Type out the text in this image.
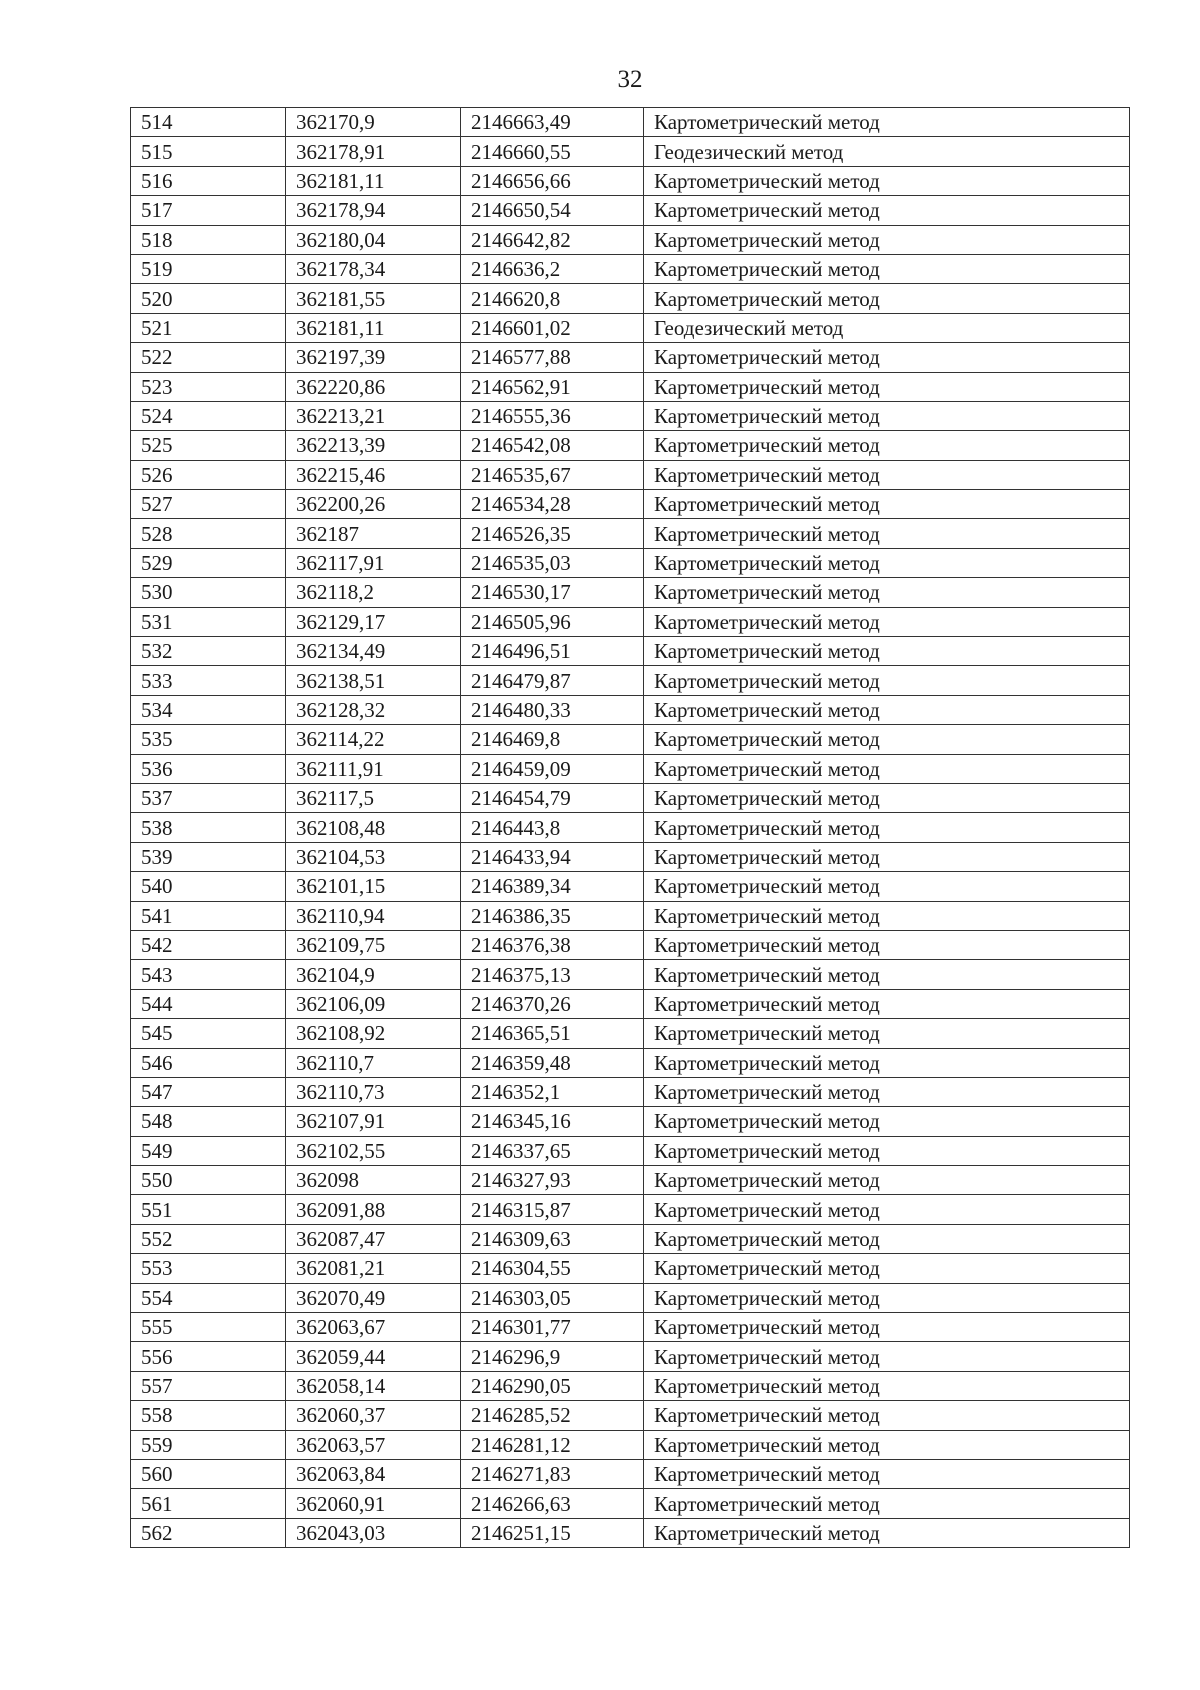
32
514	362170,9	2146663,49	Картометрический метод
515	362178,91	2146660,55	Геодезический метод
516	362181,11	2146656,66	Картометрический метод
517	362178,94	2146650,54	Картометрический метод
518	362180,04	2146642,82	Картометрический метод
519	362178,34	2146636,2	Картометрический метод
520	362181,55	2146620,8	Картометрический метод
521	362181,11	2146601,02	Геодезический метод
522	362197,39	2146577,88	Картометрический метод
523	362220,86	2146562,91	Картометрический метод
524	362213,21	2146555,36	Картометрический метод
525	362213,39	2146542,08	Картометрический метод
526	362215,46	2146535,67	Картометрический метод
527	362200,26	2146534,28	Картометрический метод
528	362187	2146526,35	Картометрический метод
529	362117,91	2146535,03	Картометрический метод
530	362118,2	2146530,17	Картометрический метод
531	362129,17	2146505,96	Картометрический метод
532	362134,49	2146496,51	Картометрический метод
533	362138,51	2146479,87	Картометрический метод
534	362128,32	2146480,33	Картометрический метод
535	362114,22	2146469,8	Картометрический метод
536	362111,91	2146459,09	Картометрический метод
537	362117,5	2146454,79	Картометрический метод
538	362108,48	2146443,8	Картометрический метод
539	362104,53	2146433,94	Картометрический метод
540	362101,15	2146389,34	Картометрический метод
541	362110,94	2146386,35	Картометрический метод
542	362109,75	2146376,38	Картометрический метод
543	362104,9	2146375,13	Картометрический метод
544	362106,09	2146370,26	Картометрический метод
545	362108,92	2146365,51	Картометрический метод
546	362110,7	2146359,48	Картометрический метод
547	362110,73	2146352,1	Картометрический метод
548	362107,91	2146345,16	Картометрический метод
549	362102,55	2146337,65	Картометрический метод
550	362098	2146327,93	Картометрический метод
551	362091,88	2146315,87	Картометрический метод
552	362087,47	2146309,63	Картометрический метод
553	362081,21	2146304,55	Картометрический метод
554	362070,49	2146303,05	Картометрический метод
555	362063,67	2146301,77	Картометрический метод
556	362059,44	2146296,9	Картометрический метод
557	362058,14	2146290,05	Картометрический метод
558	362060,37	2146285,52	Картометрический метод
559	362063,57	2146281,12	Картометрический метод
560	362063,84	2146271,83	Картометрический метод
561	362060,91	2146266,63	Картометрический метод
562	362043,03	2146251,15	Картометрический метод
